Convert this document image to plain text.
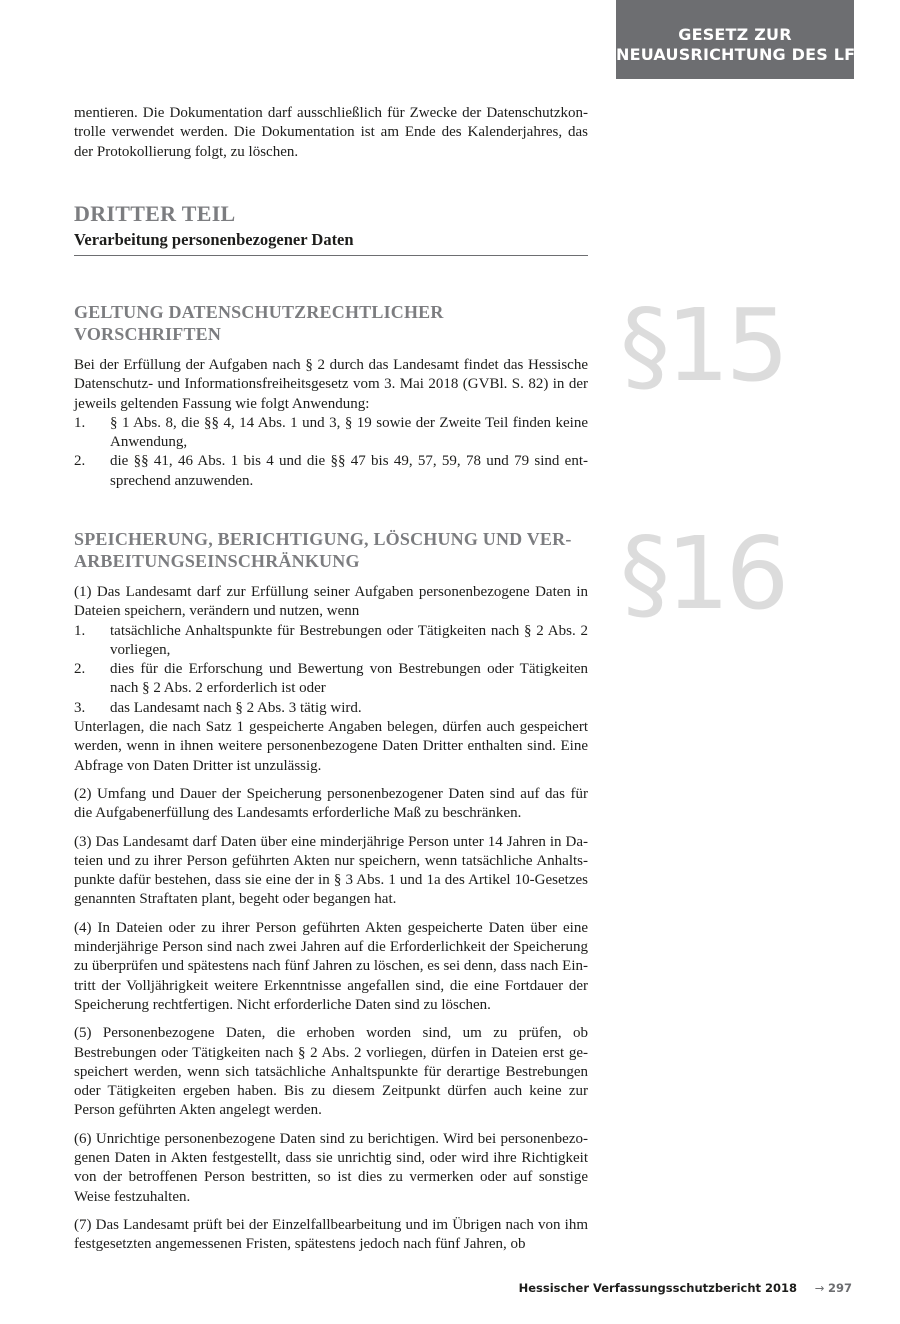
GESETZ ZUR
NEUAUSRICHTUNG DES LFV

mentieren. Die Dokumentation darf ausschließlich für Zwecke der Datenschutzkontrolle verwendet werden. Die Dokumentation ist am Ende des Kalenderjahres, das der Protokollierung folgt, zu löschen.

DRITTER TEIL
Verarbeitung personenbezogener Daten
§15
GELTUNG DATENSCHUTZRECHTLICHER VORSCHRIFTEN

Bei der Erfüllung der Aufgaben nach § 2 durch das Landesamt findet das Hessische Datenschutz- und Informationsfreiheitsgesetz vom 3. Mai 2018 (GVBl. S. 82) in der jeweils geltenden Fassung wie folgt Anwendung:

1. § 1 Abs. 8, die §§ 4, 14 Abs. 1 und 3, § 19 sowie der Zweite Teil finden keine Anwendung,
2. die §§ 41, 46 Abs. 1 bis 4 und die §§ 47 bis 49, 57, 59, 78 und 79 sind entsprechend anzuwenden.
§16
SPEICHERUNG, BERICHTIGUNG, LÖSCHUNG UND VERARBEITUNGSEINSCHRÄNKUNG

(1) Das Landesamt darf zur Erfüllung seiner Aufgaben personenbezogene Daten in Dateien speichern, verändern und nutzen, wenn

1. tatsächliche Anhaltspunkte für Bestrebungen oder Tätigkeiten nach § 2 Abs. 2 vorliegen,
2. dies für die Erforschung und Bewertung von Bestrebungen oder Tätigkeiten nach § 2 Abs. 2 erforderlich ist oder
3. das Landesamt nach § 2 Abs. 3 tätig wird.

Unterlagen, die nach Satz 1 gespeicherte Angaben belegen, dürfen auch gespeichert werden, wenn in ihnen weitere personenbezogene Daten Dritter enthalten sind. Eine Abfrage von Daten Dritter ist unzulässig.

(2) Umfang und Dauer der Speicherung personenbezogener Daten sind auf das für die Aufgabenerfüllung des Landesamts erforderliche Maß zu beschränken.

(3) Das Landesamt darf Daten über eine minderjährige Person unter 14 Jahren in Dateien und zu ihrer Person geführten Akten nur speichern, wenn tatsächliche Anhaltspunkte dafür bestehen, dass sie eine der in § 3 Abs. 1 und 1a des Artikel 10-Gesetzes genannten Straftaten plant, begeht oder begangen hat.

(4) In Dateien oder zu ihrer Person geführten Akten gespeicherte Daten über eine minderjährige Person sind nach zwei Jahren auf die Erforderlichkeit der Speicherung zu überprüfen und spätestens nach fünf Jahren zu löschen, es sei denn, dass nach Eintritt der Volljährigkeit weitere Erkenntnisse angefallen sind, die eine Fortdauer der Speicherung rechtfertigen. Nicht erforderliche Daten sind zu löschen.

(5) Personenbezogene Daten, die erhoben worden sind, um zu prüfen, ob Bestrebungen oder Tätigkeiten nach § 2 Abs. 2 vorliegen, dürfen in Dateien erst gespeichert werden, wenn sich tatsächliche Anhaltspunkte für derartige Bestrebungen oder Tätigkeiten ergeben haben. Bis zu diesem Zeitpunkt dürfen auch keine zur Person geführten Akten angelegt werden.

(6) Unrichtige personenbezogene Daten sind zu berichtigen. Wird bei personenbezogenen Daten in Akten festgestellt, dass sie unrichtig sind, oder wird ihre Richtigkeit von der betroffenen Person bestritten, so ist dies zu vermerken oder auf sonstige Weise festzuhalten.

(7) Das Landesamt prüft bei der Einzelfallbearbeitung und im Übrigen nach von ihm festgesetzten angemessenen Fristen, spätestens jedoch nach fünf Jahren, ob

Hessischer Verfassungsschutzbericht 2018 → 297
